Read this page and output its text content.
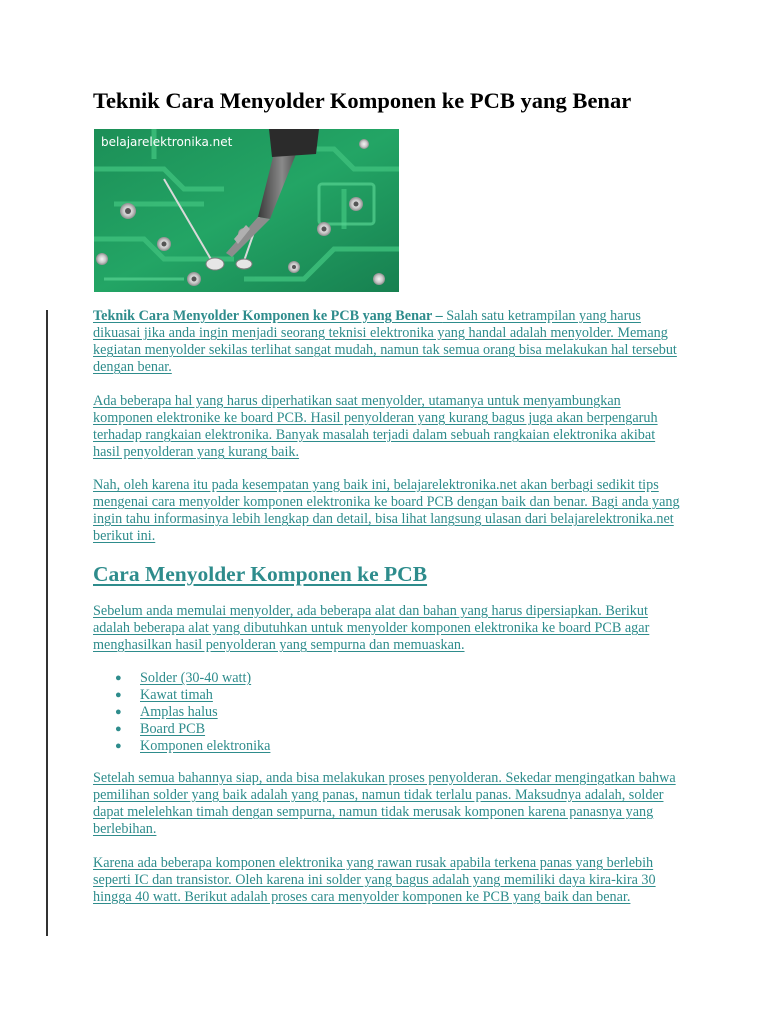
Teknik Cara Menyolder Komponen ke PCB yang Benar
belajarelektronika.net

Teknik Cara Menyolder Komponen ke PCB yang Benar – Salah satu ketrampilan yang harus dikuasai jika anda ingin menjadi seorang teknisi elektronika yang handal adalah menyolder. Memang kegiatan menyolder sekilas terlihat sangat mudah, namun tak semua orang bisa melakukan hal tersebut dengan benar.

Ada beberapa hal yang harus diperhatikan saat menyolder, utamanya untuk menyambungkan komponen elektronike ke board PCB. Hasil penyolderan yang kurang bagus juga akan berpengaruh terhadap rangkaian elektronika. Banyak masalah terjadi dalam sebuah rangkaian elektronika akibat hasil penyolderan yang kurang baik.

Nah, oleh karena itu pada kesempatan yang baik ini, belajarelektronika.net akan berbagi sedikit tips mengenai cara menyolder komponen elektronika ke board PCB dengan baik dan benar. Bagi anda yang ingin tahu informasinya lebih lengkap dan detail, bisa lihat langsung ulasan dari belajarelektronika.net berikut ini.

Cara Menyolder Komponen ke PCB

Sebelum anda memulai menyolder, ada beberapa alat dan bahan yang harus dipersiapkan. Berikut adalah beberapa alat yang dibutuhkan untuk menyolder komponen elektronika ke board PCB agar menghasilkan hasil penyolderan yang sempurna dan memuaskan.

● Solder (30-40 watt)
● Kawat timah
● Amplas halus
● Board PCB
● Komponen elektronika

Setelah semua bahannya siap, anda bisa melakukan proses penyolderan. Sekedar mengingatkan bahwa pemilihan solder yang baik adalah yang panas, namun tidak terlalu panas. Maksudnya adalah, solder dapat melelehkan timah dengan sempurna, namun tidak merusak komponen karena panasnya yang berlebihan.

Karena ada beberapa komponen elektronika yang rawan rusak apabila terkena panas yang berlebih seperti IC dan transistor. Oleh karena ini solder yang bagus adalah yang memiliki daya kira-kira 30 hingga 40 watt. Berikut adalah proses cara menyolder komponen ke PCB yang baik dan benar.
